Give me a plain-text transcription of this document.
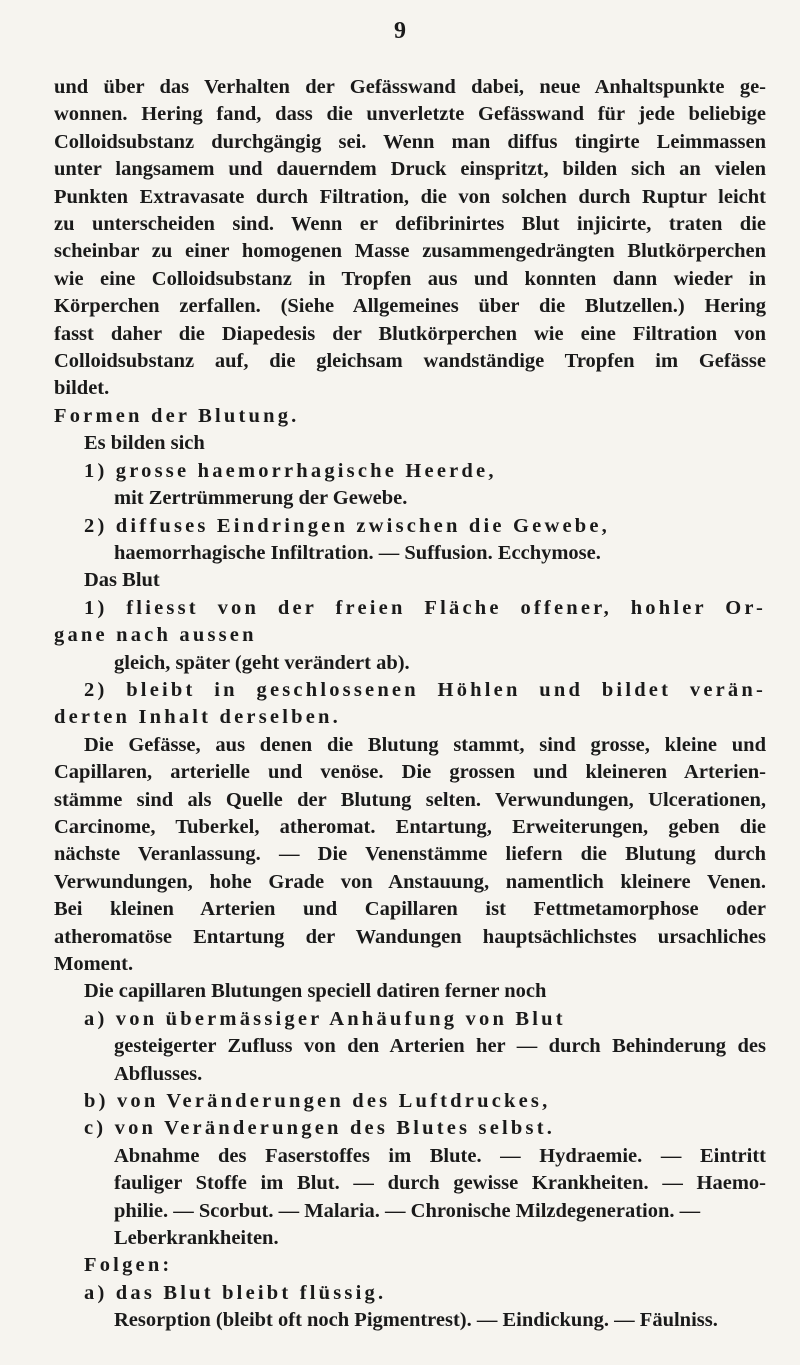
9
und über das Verhalten der Gefässwand dabei, neue Anhaltspunkte ge-
wonnen. Hering fand, dass die unverletzte Gefässwand für jede beliebige
Colloidsubstanz durchgängig sei. Wenn man diffus tingirte Leimmassen
unter langsamem und dauerndem Druck einspritzt, bilden sich an vielen
Punkten Extravasate durch Filtration, die von solchen durch Ruptur leicht
zu unterscheiden sind. Wenn er defibrinirtes Blut injicirte, traten die
scheinbar zu einer homogenen Masse zusammengedrängten Blutkörperchen
wie eine Colloidsubstanz in Tropfen aus und konnten dann wieder in
Körperchen zerfallen. (Siehe Allgemeines über die Blutzellen.) Hering
fasst daher die Diapedesis der Blutkörperchen wie eine Filtration von
Colloidsubstanz auf, die gleichsam wandständige Tropfen im Gefässe
bildet.
Formen der Blutung.
Es bilden sich
1) grosse haemorrhagische Heerde,
mit Zertrümmerung der Gewebe.
2) diffuses Eindringen zwischen die Gewebe,
haemorrhagische Infiltration. — Suffusion. Ecchymose.
Das Blut
1) fliesst von der freien Fläche offener, hohler Or-
gane nach aussen
gleich, später (geht verändert ab).
2) bleibt in geschlossenen Höhlen und bildet verän-
derten Inhalt derselben.
Die Gefässe, aus denen die Blutung stammt, sind grosse, kleine und
Capillaren, arterielle und venöse. Die grossen und kleineren Arterien-
stämme sind als Quelle der Blutung selten. Verwundungen, Ulcerationen,
Carcinome, Tuberkel, atheromat. Entartung, Erweiterungen, geben die
nächste Veranlassung. — Die Venenstämme liefern die Blutung durch
Verwundungen, hohe Grade von Anstauung, namentlich kleinere Venen.
Bei kleinen Arterien und Capillaren ist Fettmetamorphose oder
atheromatöse Entartung der Wandungen hauptsächlichstes ursachliches
Moment.
Die capillaren Blutungen speciell datiren ferner noch
a) von übermässiger Anhäufung von Blut
gesteigerter Zufluss von den Arterien her — durch Behinderung des
Abflusses.
b) von Veränderungen des Luftdruckes,
c) von Veränderungen des Blutes selbst.
Abnahme des Faserstoffes im Blute. — Hydraemie. — Eintritt
fauliger Stoffe im Blut. — durch gewisse Krankheiten. — Haemo-
philie. — Scorbut. — Malaria. — Chronische Milzdegeneration. —
Leberkrankheiten.
Folgen:
a) das Blut bleibt flüssig.
Resorption (bleibt oft noch Pigmentrest). — Eindickung. — Fäulniss.
